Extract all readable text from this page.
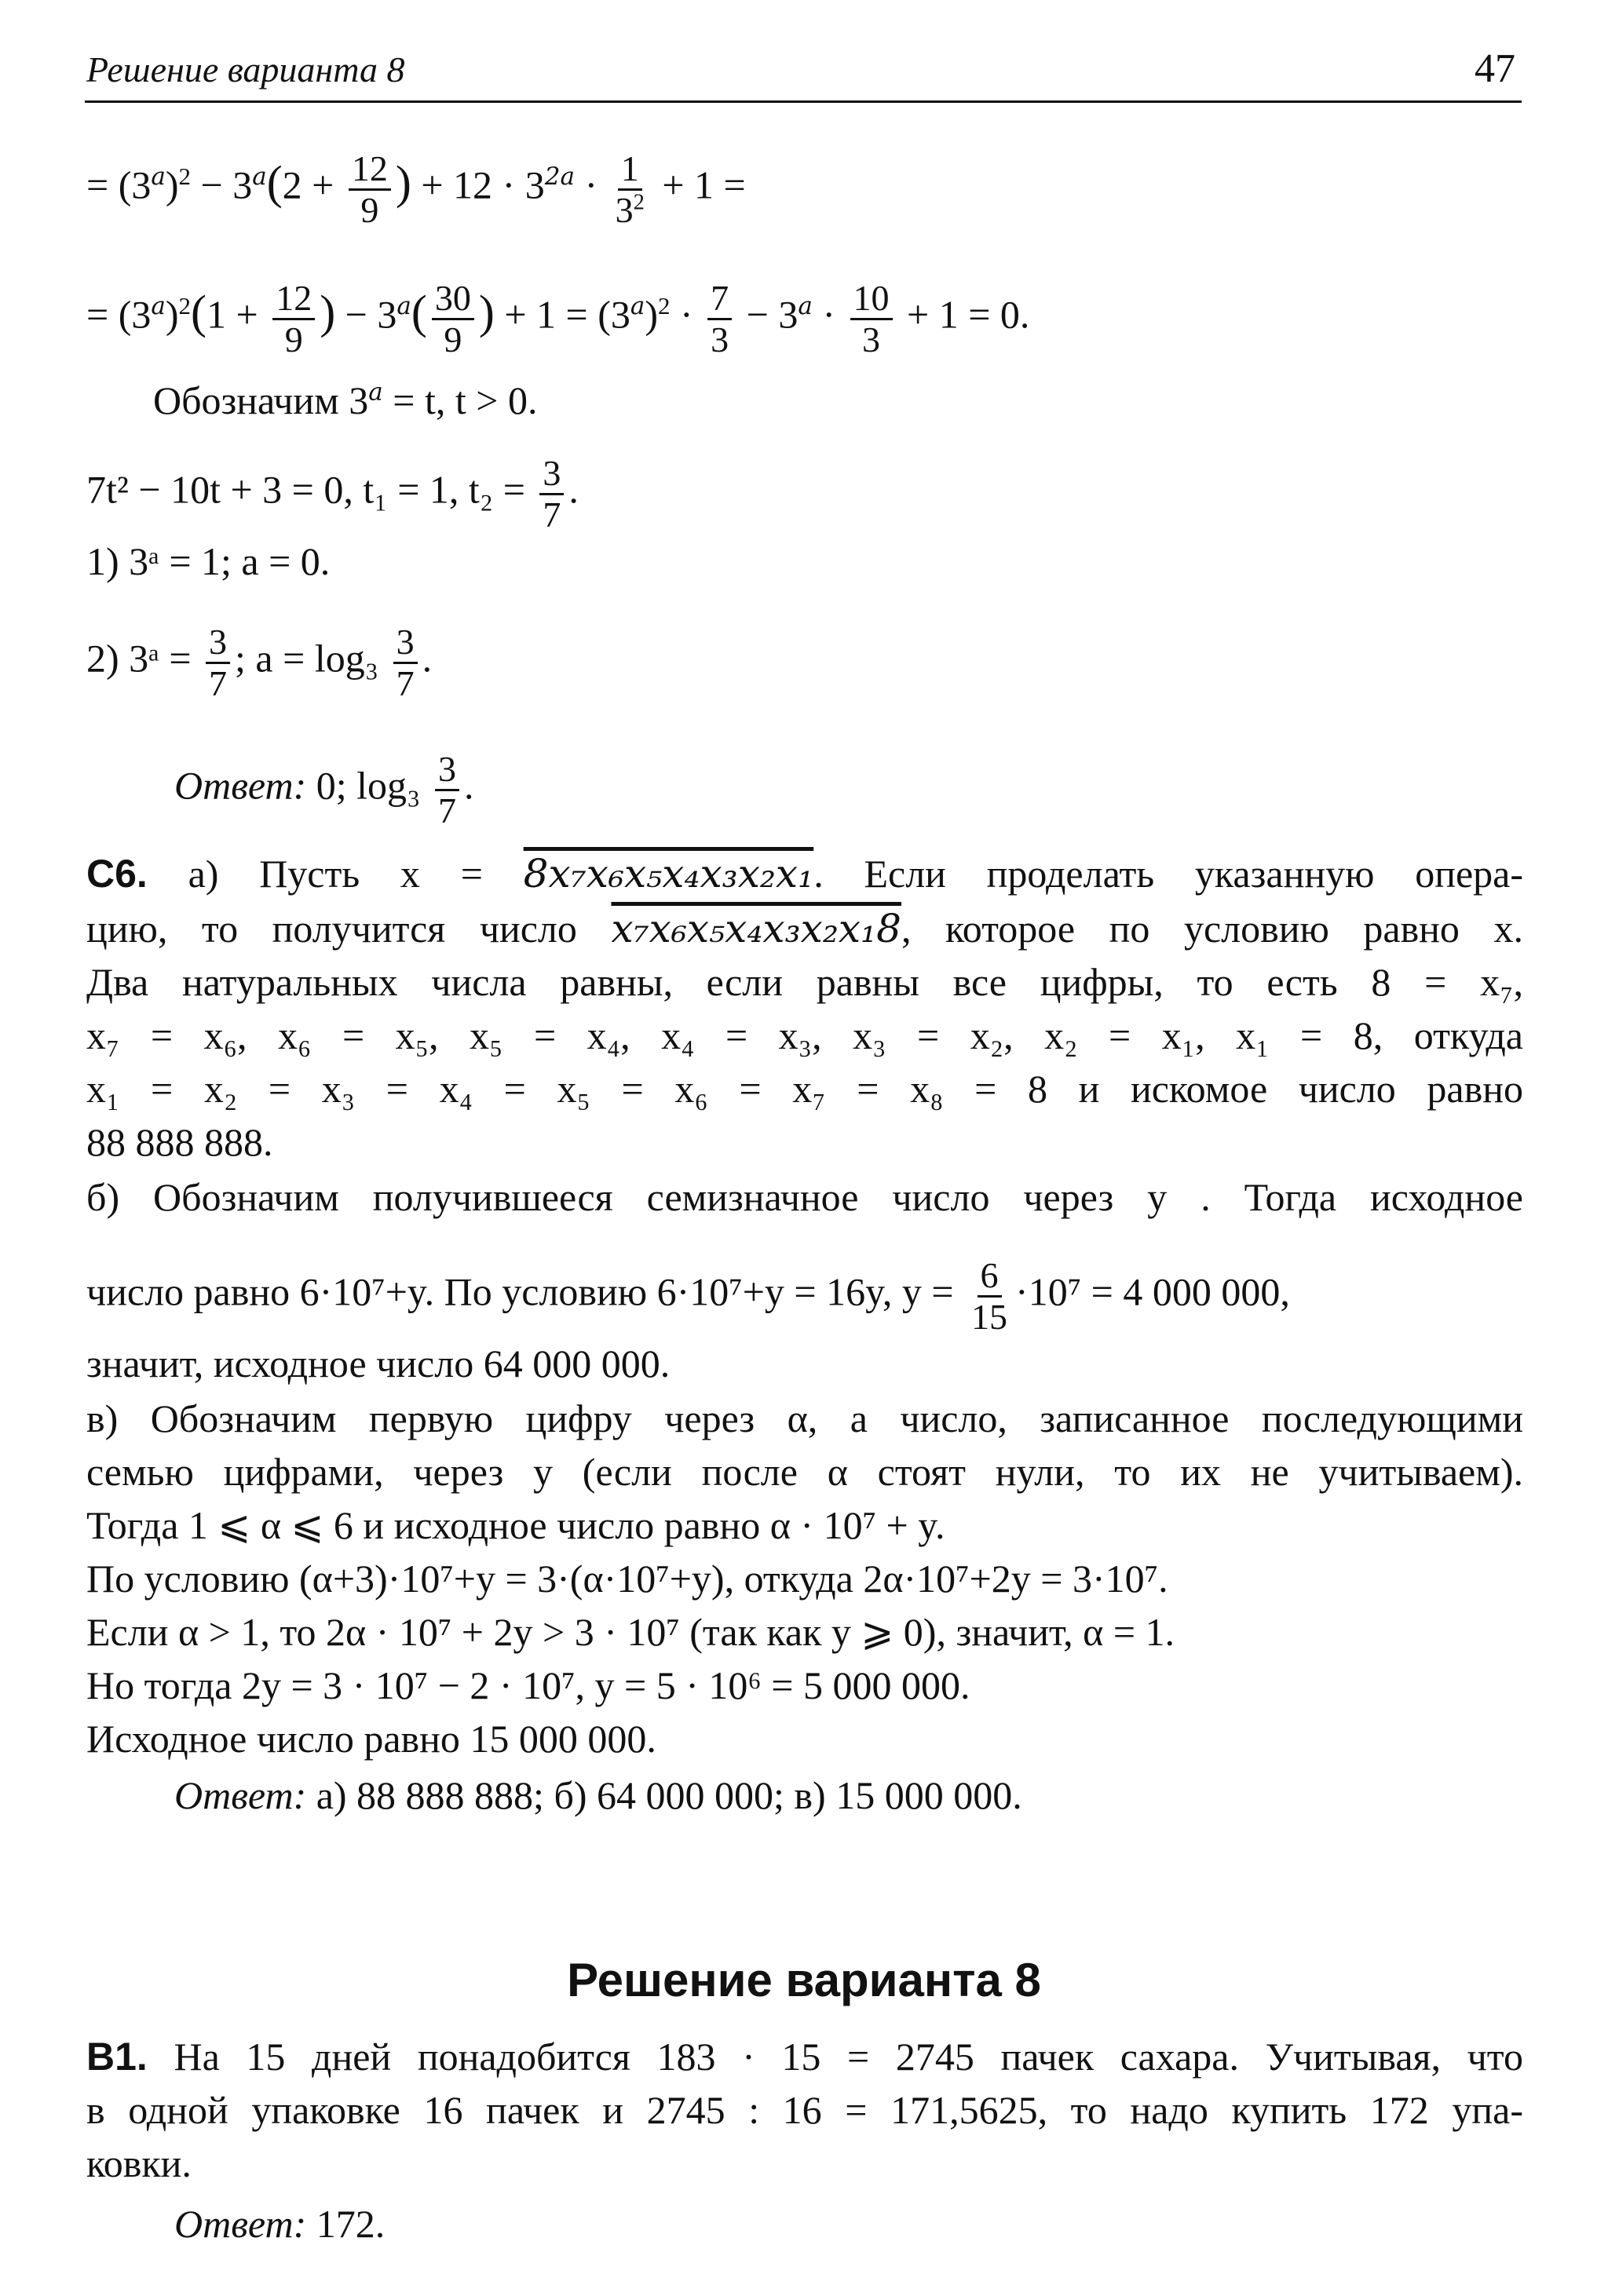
Решение варианта 8	47
= $(3^a)^2 - 3^a(2 + \frac{12}{9}$ ) + $12 \cdot 3^{2a} \cdot \frac{1}{3^2} + 1$ =
= $(3^a)^2(1 + \frac{12}{9}$ ) − $3^a( \frac{30}{9}$ ) + $1 = (3^a)^2 \cdot \frac{7}{3} - 3^a \cdot \frac{10}{3} + 1 = 0$.
Обозначим $3^a = t$, t > 0.
7t² − 10t + 3 = 0, t₁ = 1, $t_2 = \frac{3}{7}$ .
1) 3ᵃ = 1; a = 0.
2) 3ᵃ = $\frac{3}{7}$ ; $a = \log_3 \frac{3}{7}$ .
Ответ: 0; $\log_3 \frac{3}{7}$ .
C6. а) Пусть x = 8x₇x₆x₅x₄x₃x₂x₁. Если проделать указанную опера-
цию, то получится число x₇x₆x₅x₄x₃x₂x₁8, которое по условию равно x.
Два натуральных числа равны, если равны все цифры, то есть 8 = x₇,
x₇ = x₆, x₆ = x₅, x₅ = x₄, x₄ = x₃, x₃ = x₂, x₂ = x₁, x₁ = 8, откуда
x₁ = x₂ = x₃ = x₄ = x₅ = x₆ = x₇ = x₈ = 8 и искомое число равно
88 888 888.
б) Обозначим получившееся семизначное число через y . Тогда исходное
число равно 6·10⁷+y. По условию 6·10⁷+y = 16y, $y = \frac{6}{15} \cdot 10^7 = 4$ 000 000,
значит, исходное число 64 000 000.
в) Обозначим первую цифру через α, а число, записанное последующими
семью цифрами, через y (если после α стоят нули, то их не учитываем).
Тогда 1 ⩽ α ⩽ 6 и исходное число равно α · 10⁷ + y.
По условию (α+3)·10⁷+y = 3·(α·10⁷+y), откуда 2α·10⁷+2y = 3·10⁷.
Если α > 1, то 2α · 10⁷ + 2y > 3 · 10⁷ (так как y ⩾ 0), значит, α = 1.
Но тогда 2y = 3 · 10⁷ − 2 · 10⁷, y = 5 · 10⁶ = 5 000 000.
Исходное число равно 15 000 000.
Ответ: а) 88 888 888; б) 64 000 000; в) 15 000 000.
Решение варианта 8
B1. На 15 дней понадобится 183 · 15 = 2745 пачек сахара. Учитывая, что
в одной упаковке 16 пачек и 2745 : 16 = 171,5625, то надо купить 172 упа-
ковки.
Ответ: 172.
